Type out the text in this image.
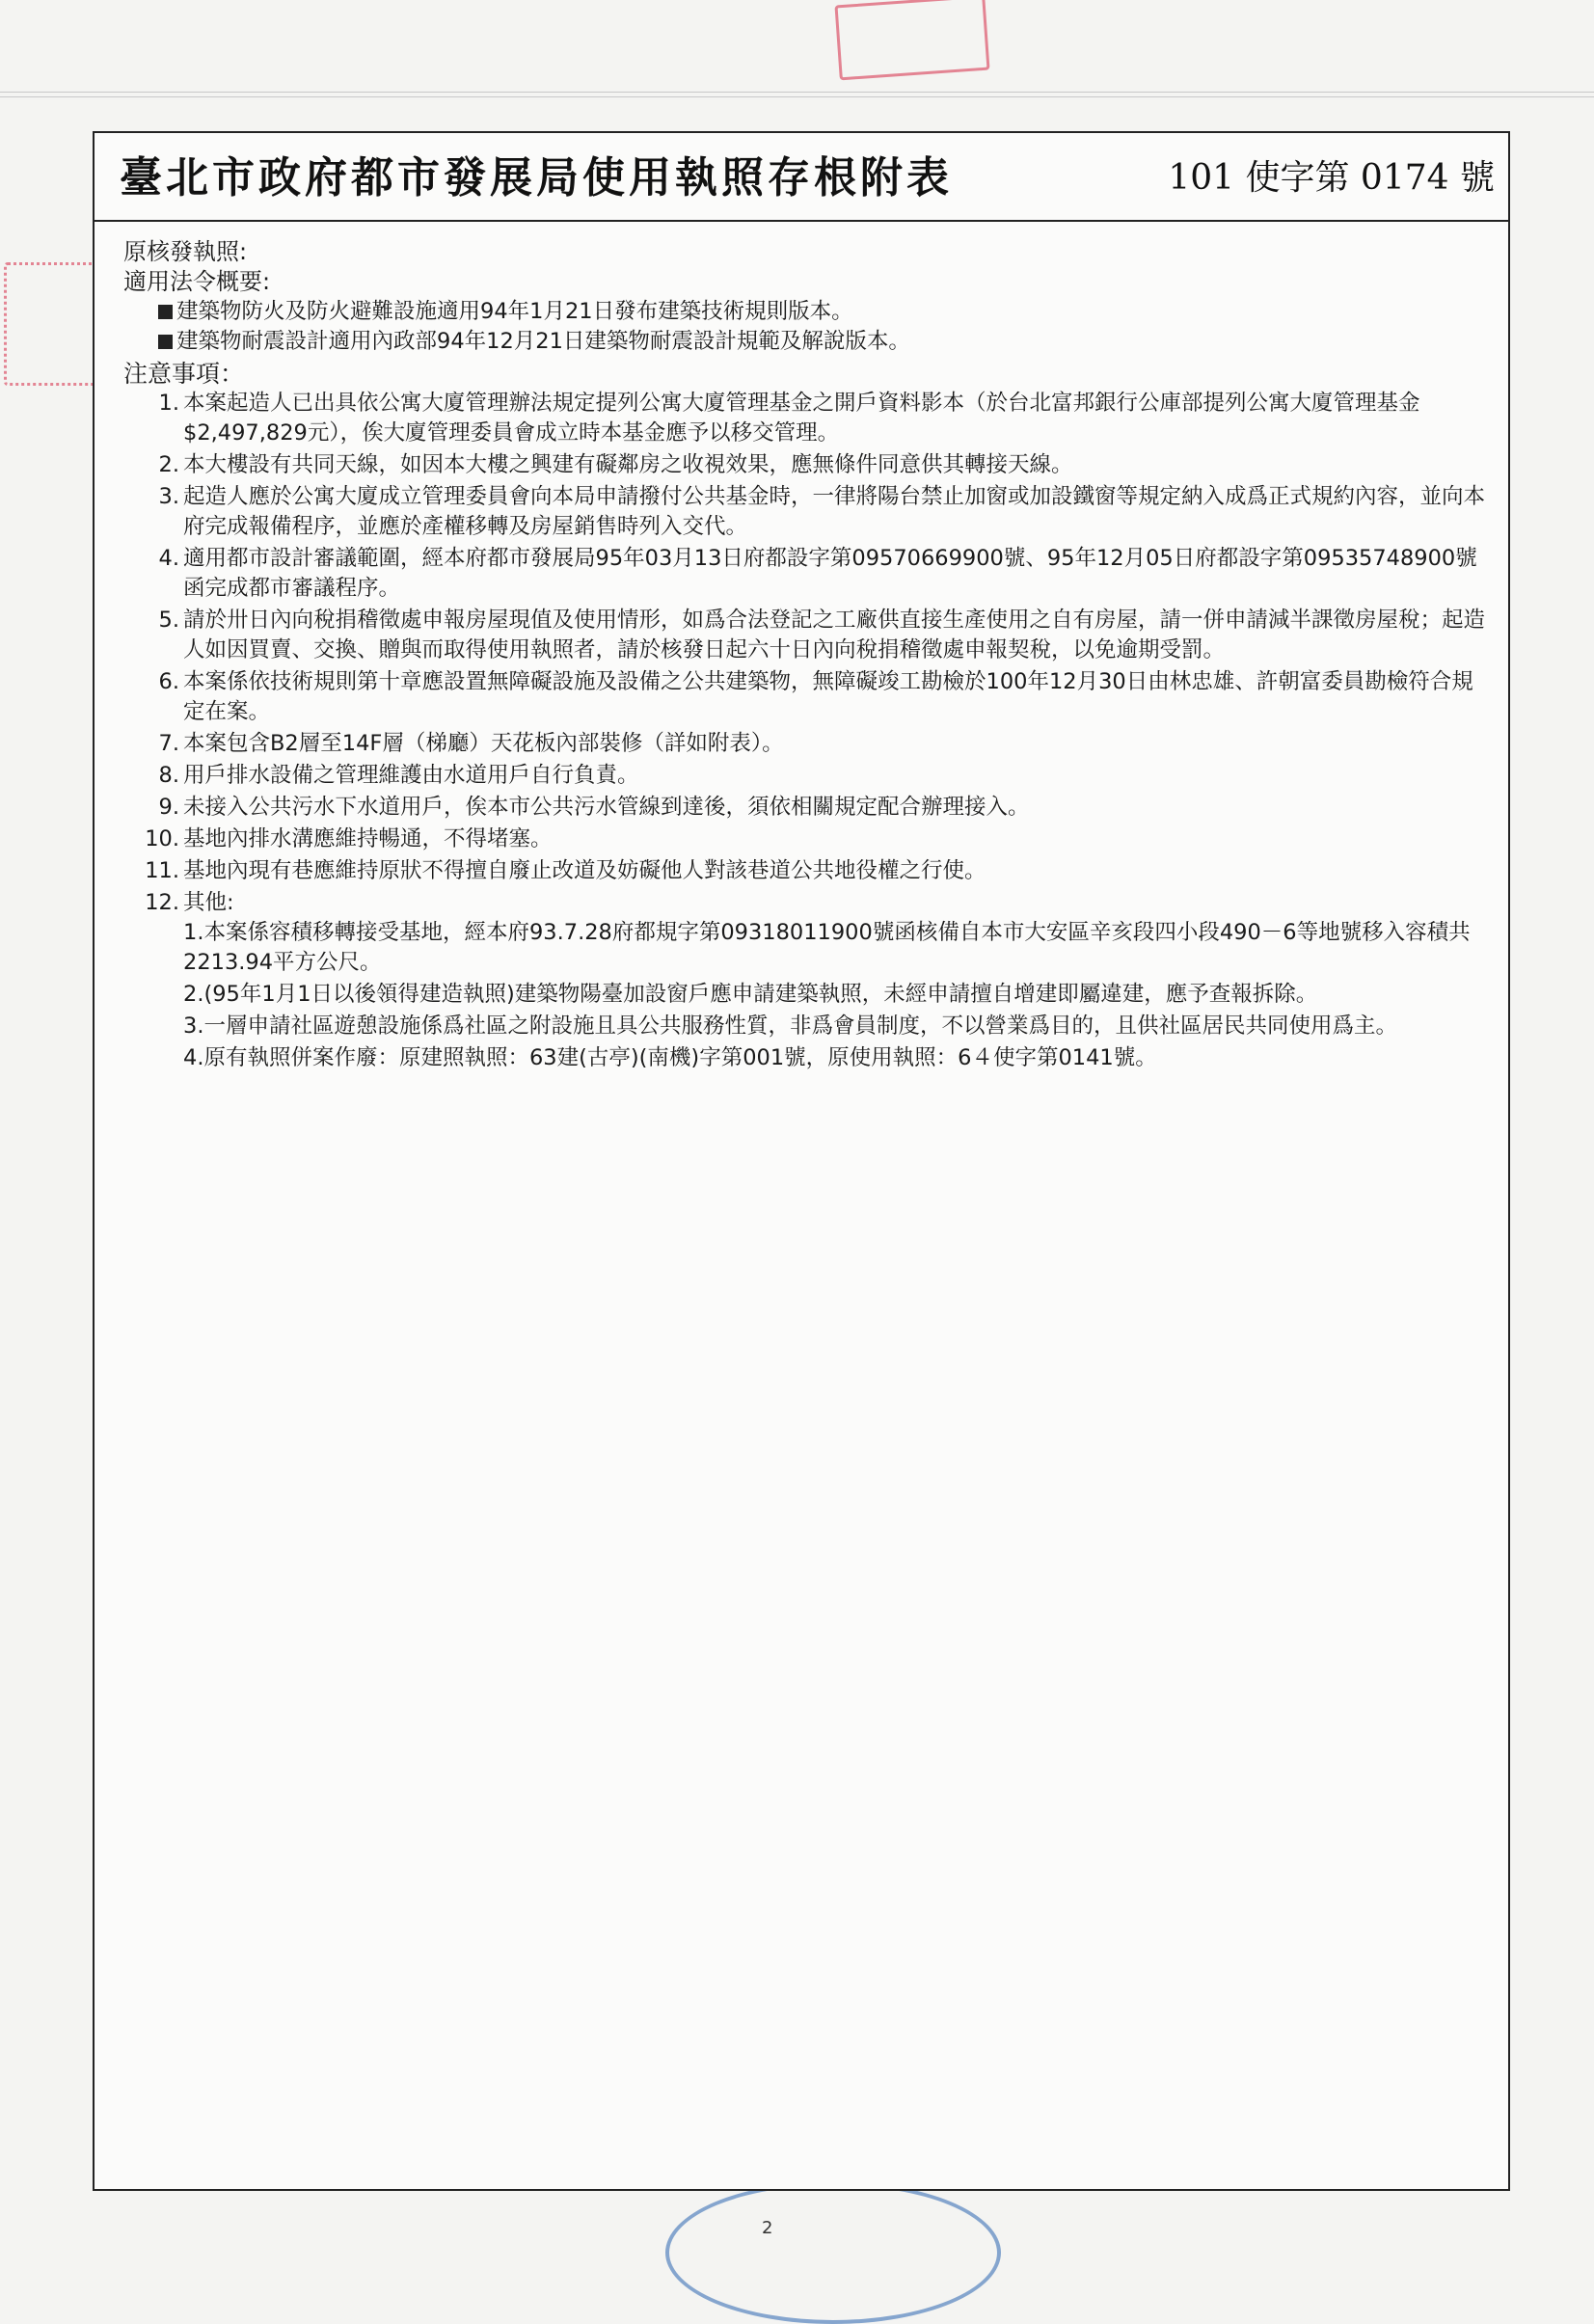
臺北市政府都市發展局使用執照存根附表	101 使字第 0174 號

原核發執照:

適用法令概要:

建築物防火及防火避難設施適用94年1月21日發布建築技術規則版本。
建築物耐震設計適用內政部94年12月21日建築物耐震設計規範及解說版本。

注意事項：

1. 本案起造人已出具依公寓大廈管理辦法規定提列公寓大廈管理基金之開戶資料影本（於台北富邦銀行公庫部提列公寓大廈管理基金$2,497,829元），俟大廈管理委員會成立時本基金應予以移交管理。
2. 本大樓設有共同天線，如因本大樓之興建有礙鄰房之收視效果，應無條件同意供其轉接天線。
3. 起造人應於公寓大廈成立管理委員會向本局申請撥付公共基金時，一律將陽台禁止加窗或加設鐵窗等規定納入成爲正式規約內容，並向本府完成報備程序，並應於產權移轉及房屋銷售時列入交代。
4. 適用都市設計審議範圍，經本府都市發展局95年03月13日府都設字第09570669900號、95年12月05日府都設字第09535748900號函完成都市審議程序。
5. 請於卅日內向稅捐稽徵處申報房屋現值及使用情形，如爲合法登記之工廠供直接生產使用之自有房屋，請一併申請減半課徵房屋稅；起造人如因買賣、交換、贈與而取得使用執照者，請於核發日起六十日內向稅捐稽徵處申報契稅，以免逾期受罰。
6. 本案係依技術規則第十章應設置無障礙設施及設備之公共建築物，無障礙竣工勘檢於100年12月30日由林忠雄、許朝富委員勘檢符合規定在案。
7. 本案包含B2層至14F層（梯廳）天花板內部裝修（詳如附表）。
8. 用戶排水設備之管理維護由水道用戶自行負責。
9. 未接入公共污水下水道用戶，俟本市公共污水管線到達後，須依相關規定配合辦理接入。
10. 基地內排水溝應維持暢通，不得堵塞。
11. 基地內現有巷應維持原狀不得擅自廢止改道及妨礙他人對該巷道公共地役權之行使。
12. 其他:
1.本案係容積移轉接受基地，經本府93.7.28府都規字第09318011900號函核備自本市大安區辛亥段四小段490－6等地號移入容積共2213.94平方公尺。
2.(95年1月1日以後領得建造執照)建築物陽臺加設窗戶應申請建築執照，未經申請擅自增建即屬違建，應予查報拆除。
3.一層申請社區遊憩設施係爲社區之附設施且具公共服務性質，非爲會員制度，不以營業爲目的，且供社區居民共同使用爲主。
4.原有執照併案作廢：原建照執照：63建(古亭)(南機)字第001號，原使用執照：6４使字第0141號。
2
